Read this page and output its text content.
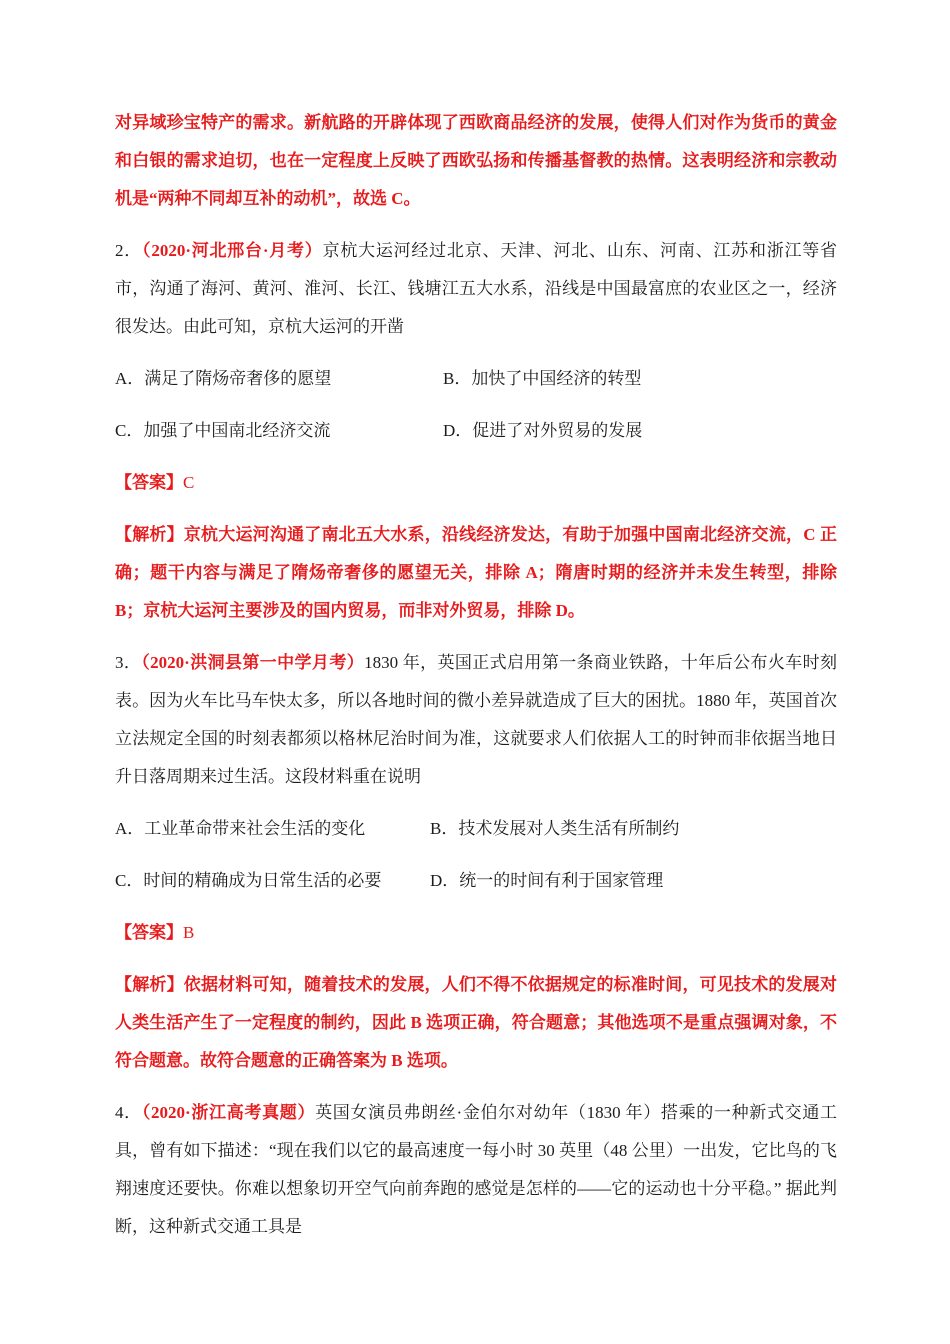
对异域珍宝特产的需求。新航路的开辟体现了西欧商品经济的发展，使得人们对作为货币的黄金和白银的需求迫切，也在一定程度上反映了西欧弘扬和传播基督教的热情。这表明经济和宗教动机是“两种不同却互补的动机”，故选 C。

2．（2020·河北邢台·月考）京杭大运河经过北京、天津、河北、山东、河南、江苏和浙江等省市，沟通了海河、黄河、淮河、长江、钱塘江五大水系，沿线是中国最富庶的农业区之一，经济很发达。由此可知，京杭大运河的开凿

A．满足了隋炀帝奢侈的愿望	B．加快了中国经济的转型
C．加强了中国南北经济交流	D．促进了对外贸易的发展

【答案】C

【解析】京杭大运河沟通了南北五大水系，沿线经济发达，有助于加强中国南北经济交流，C 正确；题干内容与满足了隋炀帝奢侈的愿望无关，排除 A；隋唐时期的经济并未发生转型，排除 B；京杭大运河主要涉及的国内贸易，而非对外贸易，排除 D。

3．（2020·洪洞县第一中学月考）1830 年，英国正式启用第一条商业铁路，十年后公布火车时刻表。因为火车比马车快太多，所以各地时间的微小差异就造成了巨大的困扰。1880 年，英国首次立法规定全国的时刻表都须以格林尼治时间为准，这就要求人们依据人工的时钟而非依据当地日升日落周期来过生活。这段材料重在说明

A．工业革命带来社会生活的变化	B．技术发展对人类生活有所制约
C．时间的精确成为日常生活的必要	D．统一的时间有利于国家管理

【答案】B

【解析】依据材料可知，随着技术的发展，人们不得不依据规定的标准时间，可见技术的发展对人类生活产生了一定程度的制约，因此 B 选项正确，符合题意；其他选项不是重点强调对象，不符合题意。故符合题意的正确答案为 B 选项。

4．（2020·浙江高考真题）英国女演员弗朗丝·金伯尔对幼年（1830 年）搭乘的一种新式交通工具，曾有如下描述：“现在我们以它的最高速度一每小时 30 英里（48 公里）一出发，它比鸟的飞翔速度还要快。你难以想象切开空气向前奔跑的感觉是怎样的——它的运动也十分平稳。” 据此判断，这种新式交通工具是
